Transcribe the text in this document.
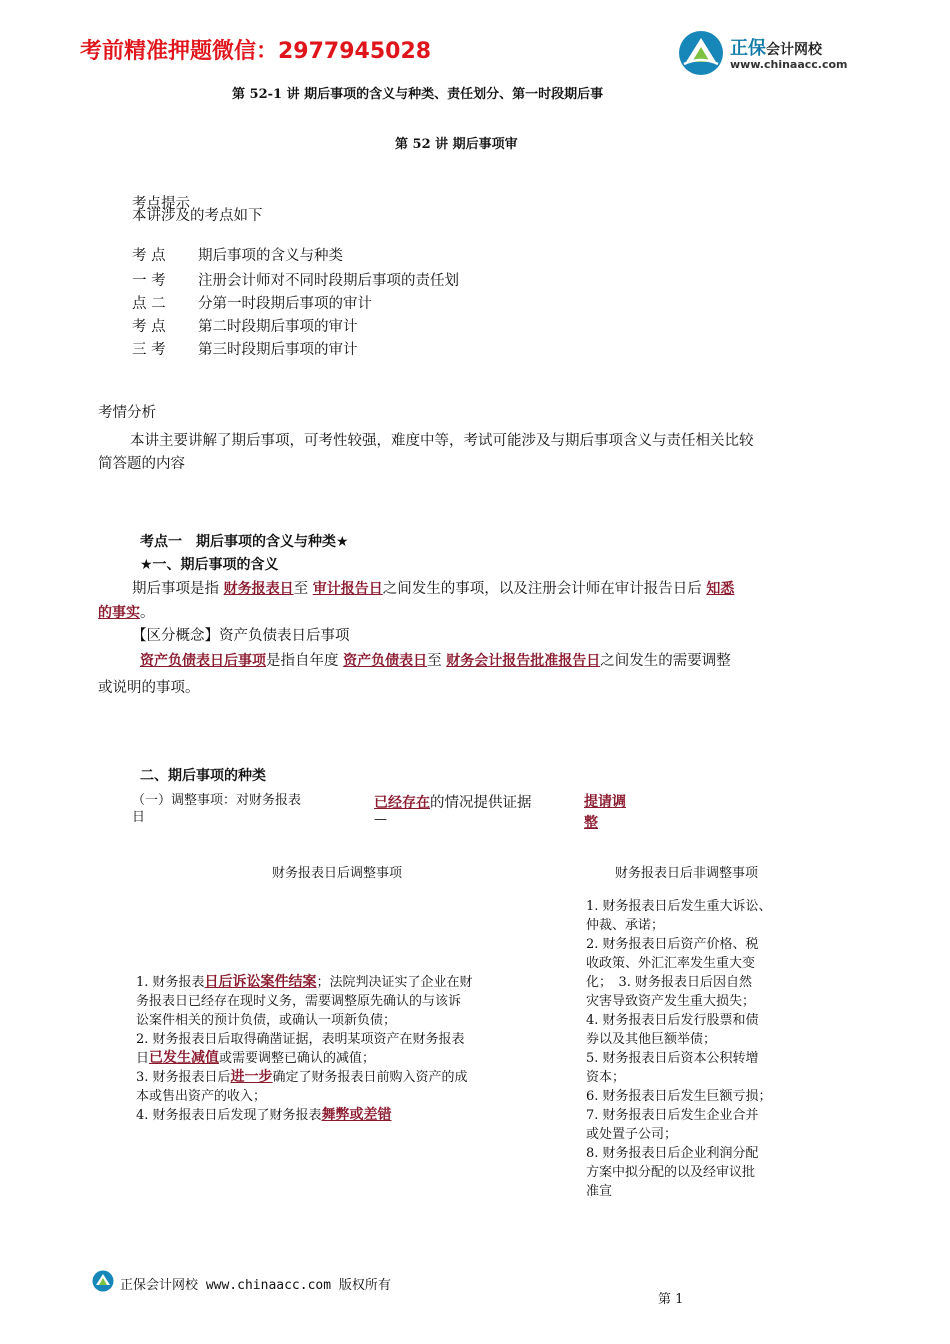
考前精准押题微信：2977945028	正保会计网校
www.chinaacc.com
第 52-1 讲 期后事项的含义与种类、责任划分、第一时段期后事
第 52 讲 期后事项审
考点提示
本讲涉及的考点如下
考 点 期后事项的含义与种类
一 考 注册会计师对不同时段期后事项的责任划
点 二 分第一时段期后事项的审计
考 点 第二时段期后事项的审计
三 考 第三时段期后事项的审计
考情分析
本讲主要讲解了期后事项，可考性较强，难度中等，考试可能涉及与期后事项含义与责任相关比较
简答题的内容
考点一　期后事项的含义与种类★
★一、期后事项的含义
期后事项是指 财务报表日至 审计报告日之间发生的事项，以及注册会计师在审计报告日后 知悉
的事实。
【区分概念】资产负债表日后事项
资产负债表日后事项是指自年度 资产负债表日至 财务会计报告批准报告日之间发生的需要调整
或说明的事项。
二、期后事项的种类
（一）调整事项：对财务报表
日
已经存在的情况提供证据
—
提请调
整
财务报表日后调整事项	财务报表日后非调整事项
1. 财务报表日后诉讼案件结案；法院判决证实了企业在财
务报表日已经存在现时义务，需要调整原先确认的与该诉
讼案件相关的预计负债，或确认一项新负债；
2. 财务报表日后取得确凿证据，表明某项资产在财务报表
日已发生减值或需要调整已确认的减值；
3. 财务报表日后进一步确定了财务报表日前购入资产的成
本或售出资产的收入；
4. 财务报表日后发现了财务报表舞弊或差错
1. 财务报表日后发生重大诉讼、
仲裁、承诺；
2. 财务报表日后资产价格、税
收政策、外汇汇率发生重大变
化；　3. 财务报表日后因自然
灾害导致资产发生重大损失；
4. 财务报表日后发行股票和债
券以及其他巨额举债；
5. 财务报表日后资本公积转增
资本；
6. 财务报表日后发生巨额亏损；
7. 财务报表日后发生企业合并
或处置子公司；
8. 财务报表日后企业利润分配
方案中拟分配的以及经审议批
准宣
正保会计网校 www.chinaacc.com 版权所有
第 1
